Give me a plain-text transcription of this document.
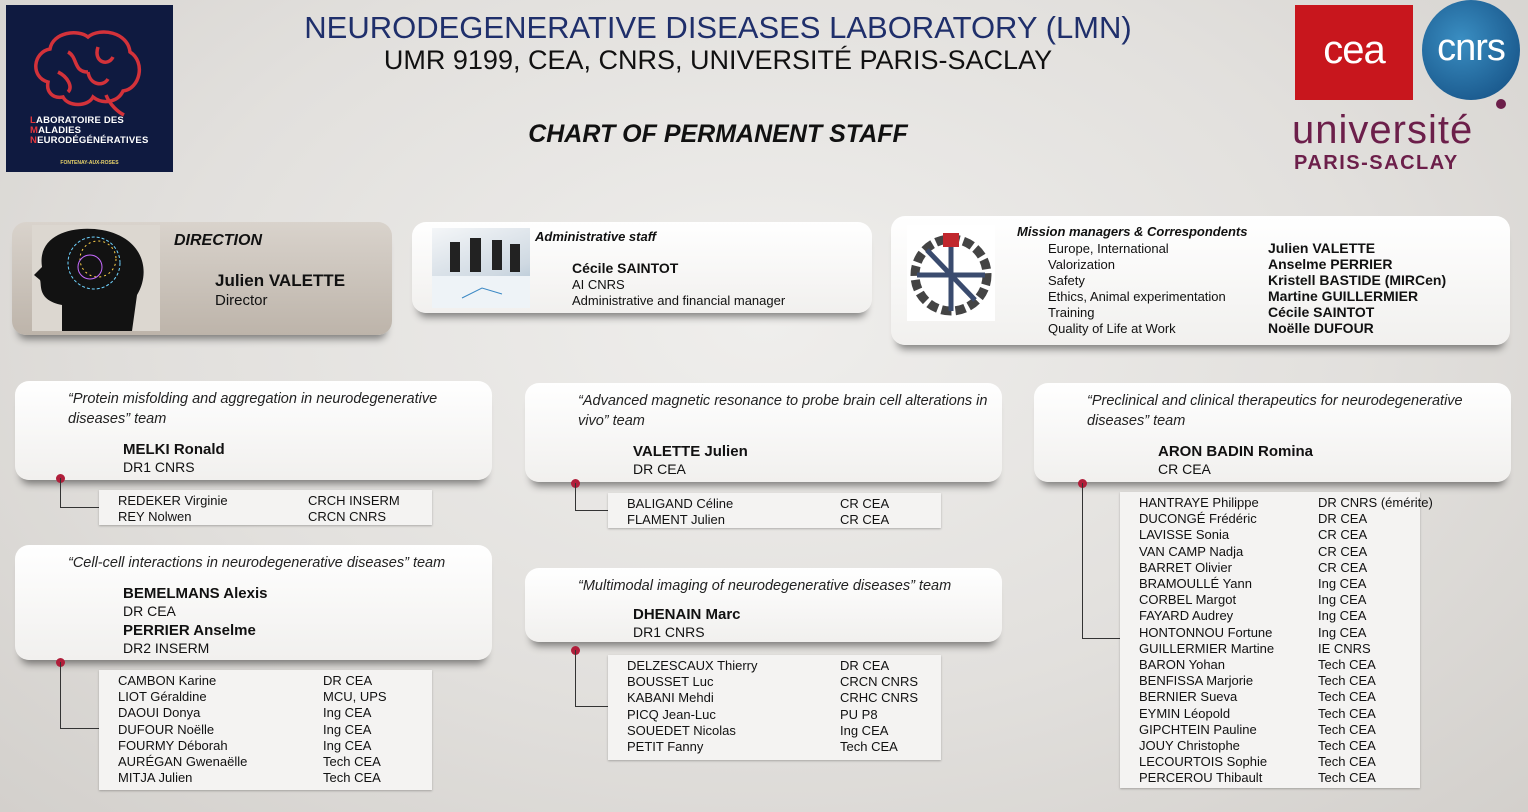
LABORATOIRE DES
MALADIES
NEURODÉGÉNÉRATIVES
FONTENAY-AUX-ROSES
NEURODEGENERATIVE DISEASES LABORATORY (LMN)
UMR 9199, CEA, CNRS, UNIVERSITÉ PARIS-SACLAY
CHART OF PERMANENT STAFF
cea	cnrs
université
PARIS-SACLAY
DIRECTION
Julien VALETTE
Director
Administrative staff
Cécile SAINTOT
AI CNRS
Administrative and financial manager
Mission managers & Correspondents
Europe, International	Julien VALETTE
Valorization	Anselme PERRIER
Safety	Kristell BASTIDE (MIRCen)
Ethics, Animal experimentation	Martine GUILLERMIER
Training	Cécile SAINTOT
Quality of Life at Work	Noëlle DUFOUR
“Protein misfolding and aggregation in neurodegenerative diseases” team
MELKI Ronald
DR1 CNRS
REDEKER Virginie	CRCH INSERM
REY Nolwen	CRCN CNRS
“Cell-cell interactions in neurodegenerative diseases” team
BEMELMANS Alexis
DR CEA
PERRIER Anselme
DR2 INSERM
CAMBON Karine	DR CEA
LIOT Géraldine	MCU, UPS
DAOUI Donya	Ing CEA
DUFOUR Noëlle	Ing CEA
FOURMY Déborah	Ing CEA
AURÉGAN Gwenaëlle	Tech CEA
MITJA Julien	Tech CEA
“Advanced magnetic resonance to probe brain cell alterations in vivo” team
VALETTE Julien
DR CEA
BALIGAND Céline	CR CEA
FLAMENT Julien	CR CEA
“Multimodal imaging of neurodegenerative diseases” team
DHENAIN Marc
DR1 CNRS
DELZESCAUX Thierry	DR CEA
BOUSSET Luc	CRCN CNRS
KABANI Mehdi	CRHC CNRS
PICQ Jean-Luc	PU P8
SOUEDET Nicolas	Ing CEA
PETIT Fanny	Tech CEA
“Preclinical and clinical therapeutics for neurodegenerative diseases” team
ARON BADIN Romina
CR CEA
HANTRAYE Philippe	DR CNRS (émérite)
DUCONGÉ Frédéric	DR CEA
LAVISSE Sonia	CR CEA
VAN CAMP Nadja	CR CEA
BARRET Olivier	CR CEA
BRAMOULLÉ Yann	Ing CEA
CORBEL Margot	Ing CEA
FAYARD Audrey	Ing CEA
HONTONNOU Fortune	Ing CEA
GUILLERMIER Martine	IE CNRS
BARON Yohan	Tech CEA
BENFISSA Marjorie	Tech CEA
BERNIER Sueva	Tech CEA
EYMIN Léopold	Tech CEA
GIPCHTEIN Pauline	Tech CEA
JOUY Christophe	Tech CEA
LECOURTOIS Sophie	Tech CEA
PERCEROU Thibault	Tech CEA
